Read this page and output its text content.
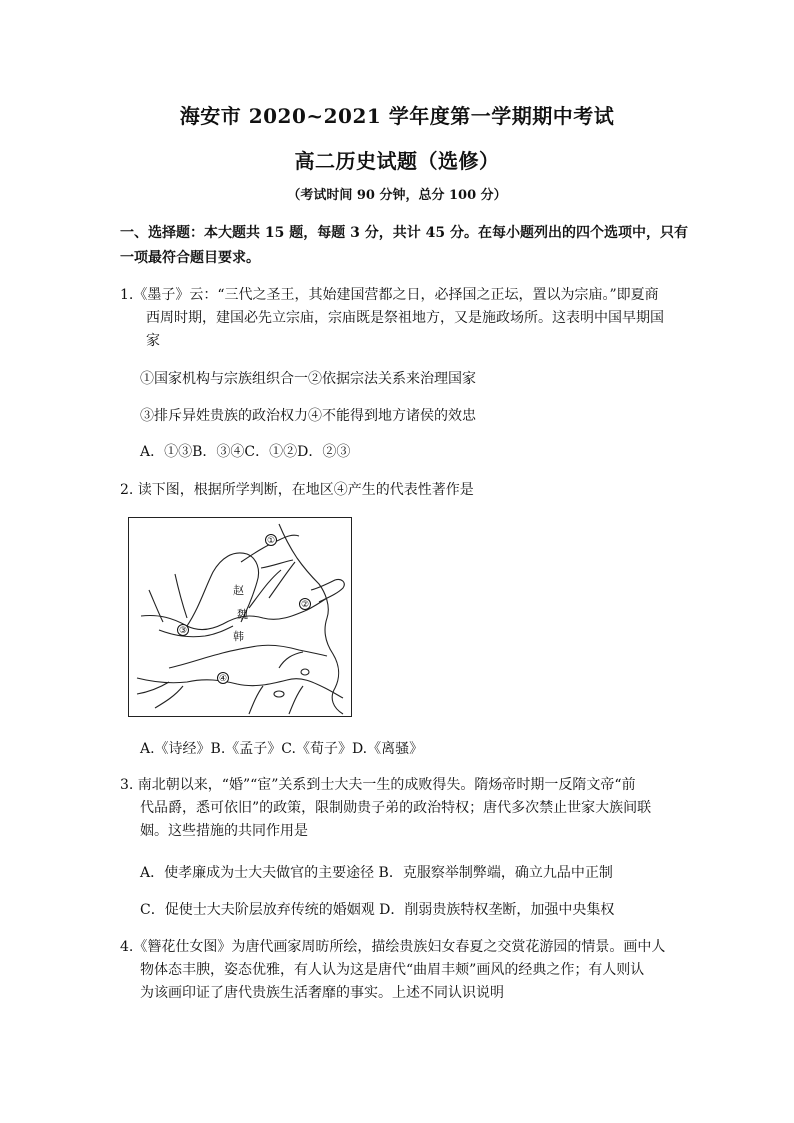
海安市 2020~2021 学年度第一学期期中考试
高二历史试题（选修）
（考试时间 90 分钟，总分 100 分）
一、选择题：本大题共 15 题，每题 3 分，共计 45 分。在每小题列出的四个选项中，只有
一项最符合题目要求。
1.《墨子》云：“三代之圣王，其始建国营都之日，必择国之正坛，置以为宗庙。”即夏商
西周时期，建国必先立宗庙，宗庙既是祭祖地方，又是施政场所。这表明中国早期国
家
①国家机构与宗族组织合一②依据宗法关系来治理国家
③排斥异姓贵族的政治权力④不能得到地方诸侯的效忠
A．①③B．③④C．①②D．②③
2. 读下图，根据所学判断，在地区④产生的代表性著作是
赵
魏
韩
①
②
③
④
A.《诗经》B.《孟子》C.《荀子》D.《离骚》
3. 南北朝以来，“婚”“宦”关系到士大夫一生的成败得失。隋炀帝时期一反隋文帝“前
代品爵，悉可依旧”的政策，限制勋贵子弟的政治特权；唐代多次禁止世家大族间联
姻。这些措施的共同作用是
A．使孝廉成为士大夫做官的主要途径 B．克服察举制弊端，确立九品中正制
C．促使士大夫阶层放弃传统的婚姻观 D．削弱贵族特权垄断，加强中央集权
4.《簪花仕女图》为唐代画家周昉所绘，描绘贵族妇女春夏之交赏花游园的情景。画中人
物体态丰腴，姿态优雅，有人认为这是唐代“曲眉丰颊”画风的经典之作；有人则认
为该画印证了唐代贵族生活奢靡的事实。上述不同认识说明
